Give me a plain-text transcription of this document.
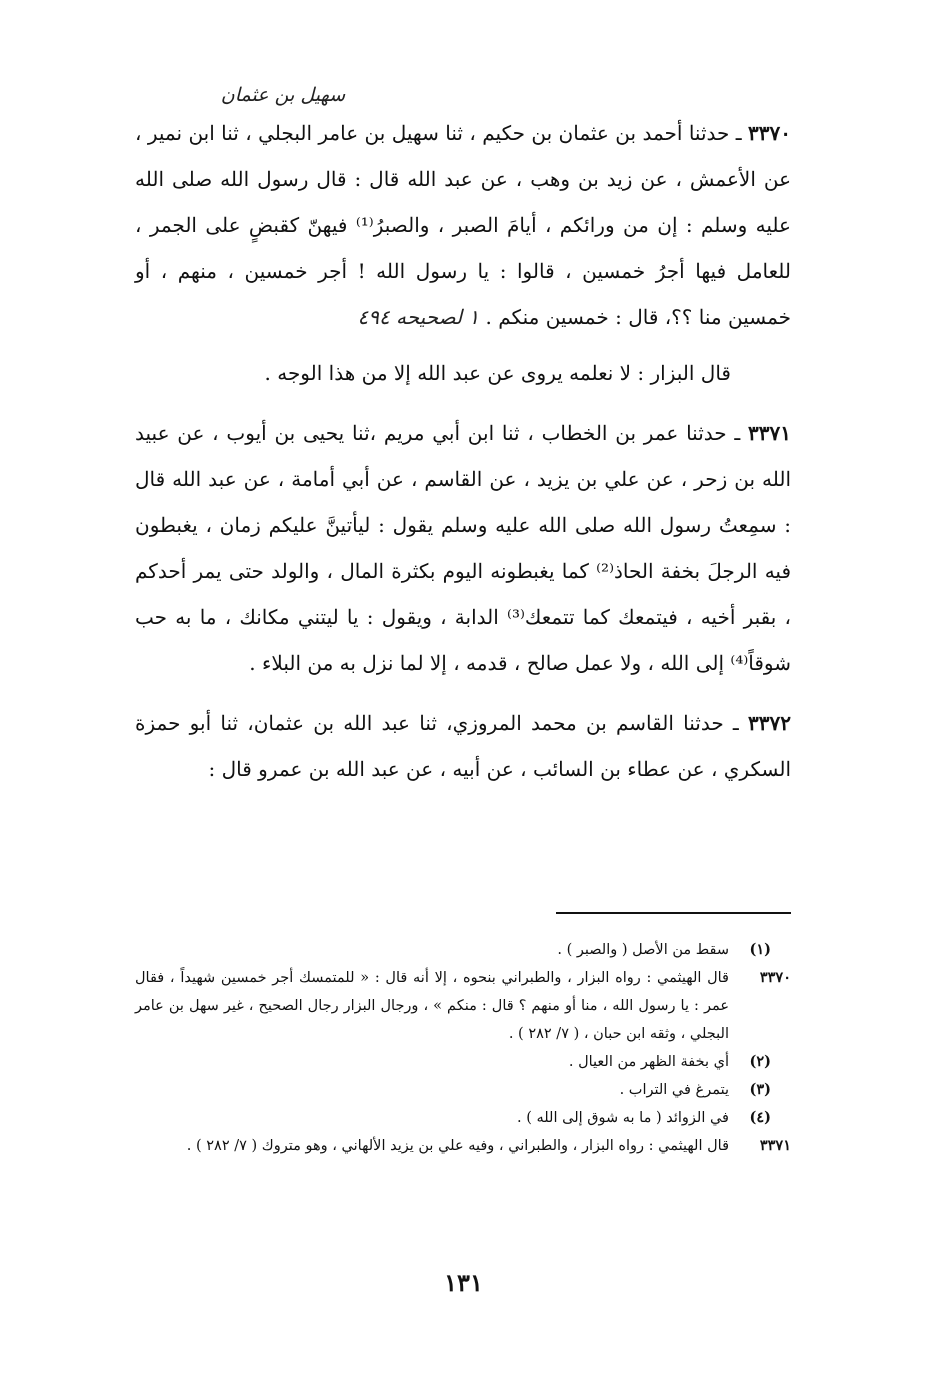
سهيل بن عثمان

٣٣٧٠ ـ حدثنا أحمد بن عثمان بن حكيم ، ثنا سهيل بن عامر البجلي ، ثنا ابن نمير ، عن الأعمش ، عن زيد بن وهب ، عن عبد الله قال : قال رسول الله صلى الله عليه وسلم : إن من ورائكم ، أيامَ الصبر ، والصبرُ⁽¹⁾ فيهنّ كقبضٍ على الجمر ، للعامل فيها أجرُ خمسين ، قالوا : يا رسول الله ! أجر خمسين ، منهم ، أو خمسين منا ؟؟، قال : خمسين منكم . ١ لصحيحه ٤٩٤

قال البزار : لا نعلمه يروى عن عبد الله إلا من هذا الوجه .

٣٣٧١ ـ حدثنا عمر بن الخطاب ، ثنا ابن أبي مريم ،ثنا يحيى بن أيوب ، عن عبيد الله بن زحر ، عن علي بن يزيد ، عن القاسم ، عن أبي أمامة ، عن عبد الله قال : سمِعتُ رسول الله صلى الله عليه وسلم يقول : ليأتينَّ عليكم زمان ، يغبطون فيه الرجلَ بخفة الحاذ⁽²⁾ كما يغبطونه اليوم بكثرة المال ، والولد حتى يمر أحدكم ، بقبر أخيه ، فيتمعك كما تتمعك⁽³⁾ الدابة ، ويقول : يا ليتني مكانك ، ما به حب شوقاً⁽⁴⁾ إلى الله ، ولا عمل صالح ، قدمه ، إلا لما نزل به من البلاء .

٣٣٧٢ ـ حدثنا القاسم بن محمد المروزي، ثنا عبد الله بن عثمان، ثنا أبو حمزة السكري ، عن عطاء بن السائب ، عن أبيه ، عن عبد الله بن عمرو قال :

(١)
سقط من الأصل ( والصبر ) .
٣٣٧٠
قال الهيثمي : رواه البزار ، والطبراني بنحوه ، إلا أنه قال : « للمتمسك أجر خمسين شهيداً ، فقال عمر : يا رسول الله ، منا أو منهم ؟ قال : منكم » ، ورجال البزار رجال الصحيح ، غير سهل بن عامر البجلي ، وثقه ابن حبان ، ( ٧/ ٢٨٢ ) .
(٢)
أي بخفة الظهر من العيال .
(٣)
يتمرغ في التراب .
(٤)
في الزوائد ( ما به شوق إلى الله ) .
٣٣٧١
قال الهيثمي : رواه البزار ، والطبراني ، وفيه علي بن يزيد الألهاني ، وهو متروك ( ٧/ ٢٨٢ ) .
١٣١
